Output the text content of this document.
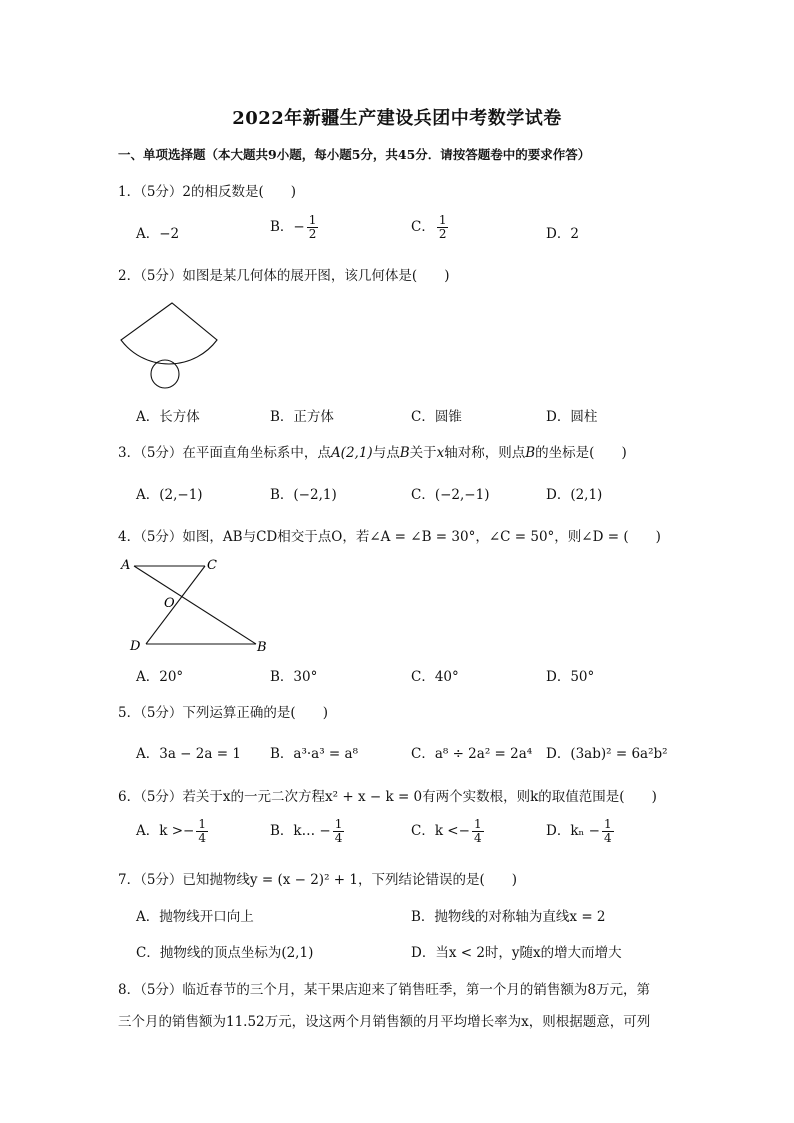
2022年新疆生产建设兵团中考数学试卷
一、单项选择题（本大题共9小题，每小题5分，共45分．请按答题卷中的要求作答）
1．（5分）2的相反数是(　　)
A．−2	B．− $\frac{1}{2}$	C． $\frac{1}{2}$	D．2
2．（5分）如图是某几何体的展开图，该几何体是(　　)
A．长方体	B．正方体	C．圆锥	D．圆柱
3．（5分）在平面直角坐标系中，点A(2,1)与点B关于x轴对称，则点B的坐标是(　　)
A．(2,−1)	B．(−2,1)	C．(−2,−1)	D．(2,1)
4．（5分）如图，AB与CD相交于点O，若∠A = ∠B = 30°，∠C = 50°，则∠D = (　　)
A	C
O
D	B
A．20°	B．30°	C．40°	D．50°
5．（5分）下列运算正确的是(　　)
A．3a − 2a = 1 B．a³·a³ = a⁸	C．a⁸ ÷ 2a² = 2a⁴ D．(3ab)² = 6a²b²
6．（5分）若关于x的一元二次方程x² + x − k = 0有两个实数根，则k的取值范围是(　　)
A．$k >- \frac{1}{4}$	B．k… − $\frac{1}{4}$	C．$k <- \frac{1}{4}$	D．$k_n - \frac{1}{4}$
7．（5分）已知抛物线y = (x − 2)² + 1，下列结论错误的是(　　)
A．抛物线开口向上	B．抛物线的对称轴为直线x = 2
C．抛物线的顶点坐标为(2,1)	D．当x < 2时，y随x的增大而增大
8．（5分）临近春节的三个月，某干果店迎来了销售旺季，第一个月的销售额为8万元，第
三个月的销售额为11.52万元，设这两个月销售额的月平均增长率为x，则根据题意，可列
